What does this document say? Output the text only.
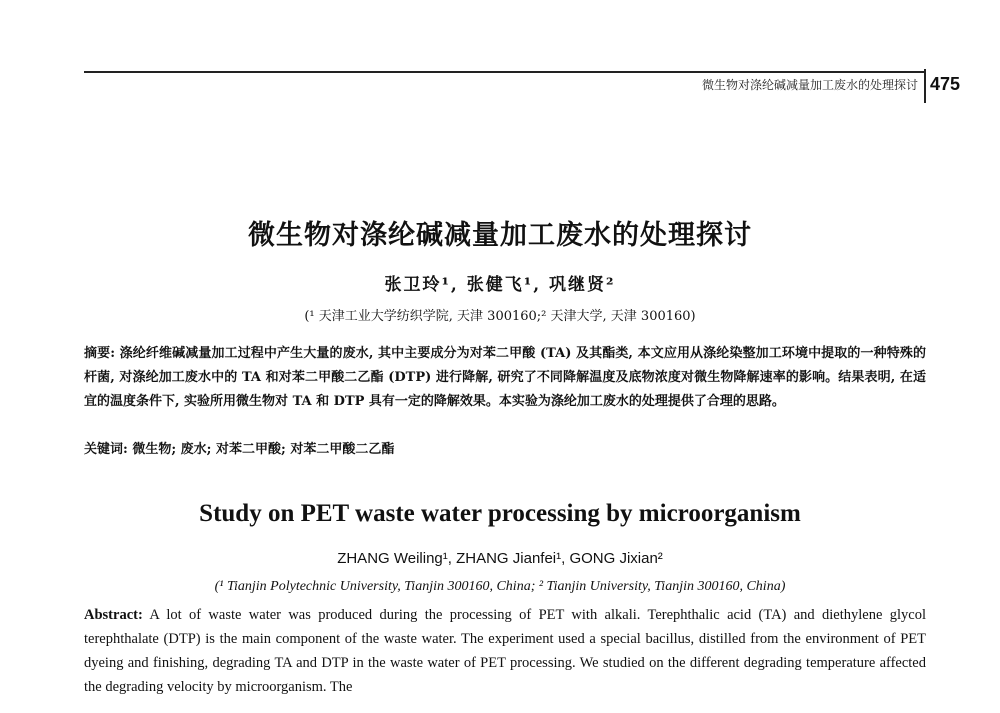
微生物对涤纶碱减量加工废水的处理探讨 475
微生物对涤纶碱减量加工废水的处理探讨
张卫玲¹, 张健飞¹, 巩继贤²
(¹ 天津工业大学纺织学院, 天津 300160;² 天津大学, 天津 300160)
摘要: 涤纶纤维碱减量加工过程中产生大量的废水, 其中主要成分为对苯二甲酸 (TA) 及其酯类, 本文应用从涤纶染整加工环境中提取的一种特殊的杆菌, 对涤纶加工废水中的 TA 和对苯二甲酸二乙酯 (DTP) 进行降解, 研究了不同降解温度及底物浓度对微生物降解速率的影响。结果表明, 在适宜的温度条件下, 实验所用微生物对 TA 和 DTP 具有一定的降解效果。本实验为涤纶加工废水的处理提供了合理的思路。
关键词: 微生物; 废水; 对苯二甲酸; 对苯二甲酸二乙酯
Study on PET waste water processing by microorganism
ZHANG Weiling¹, ZHANG Jianfei¹, GONG Jixian²
(¹ Tianjin Polytechnic University, Tianjin 300160, China; ² Tianjin University, Tianjin 300160, China)
Abstract: A lot of waste water was produced during the processing of PET with alkali. Terephthalic acid (TA) and diethylene glycol terephthalate (DTP) is the main component of the waste water. The experiment used a special bacillus, distilled from the environment of PET dyeing and finishing, degrading TA and DTP in the waste water of PET processing. We studied on the different degrading temperature affected the degrading velocity by microorganism. The
